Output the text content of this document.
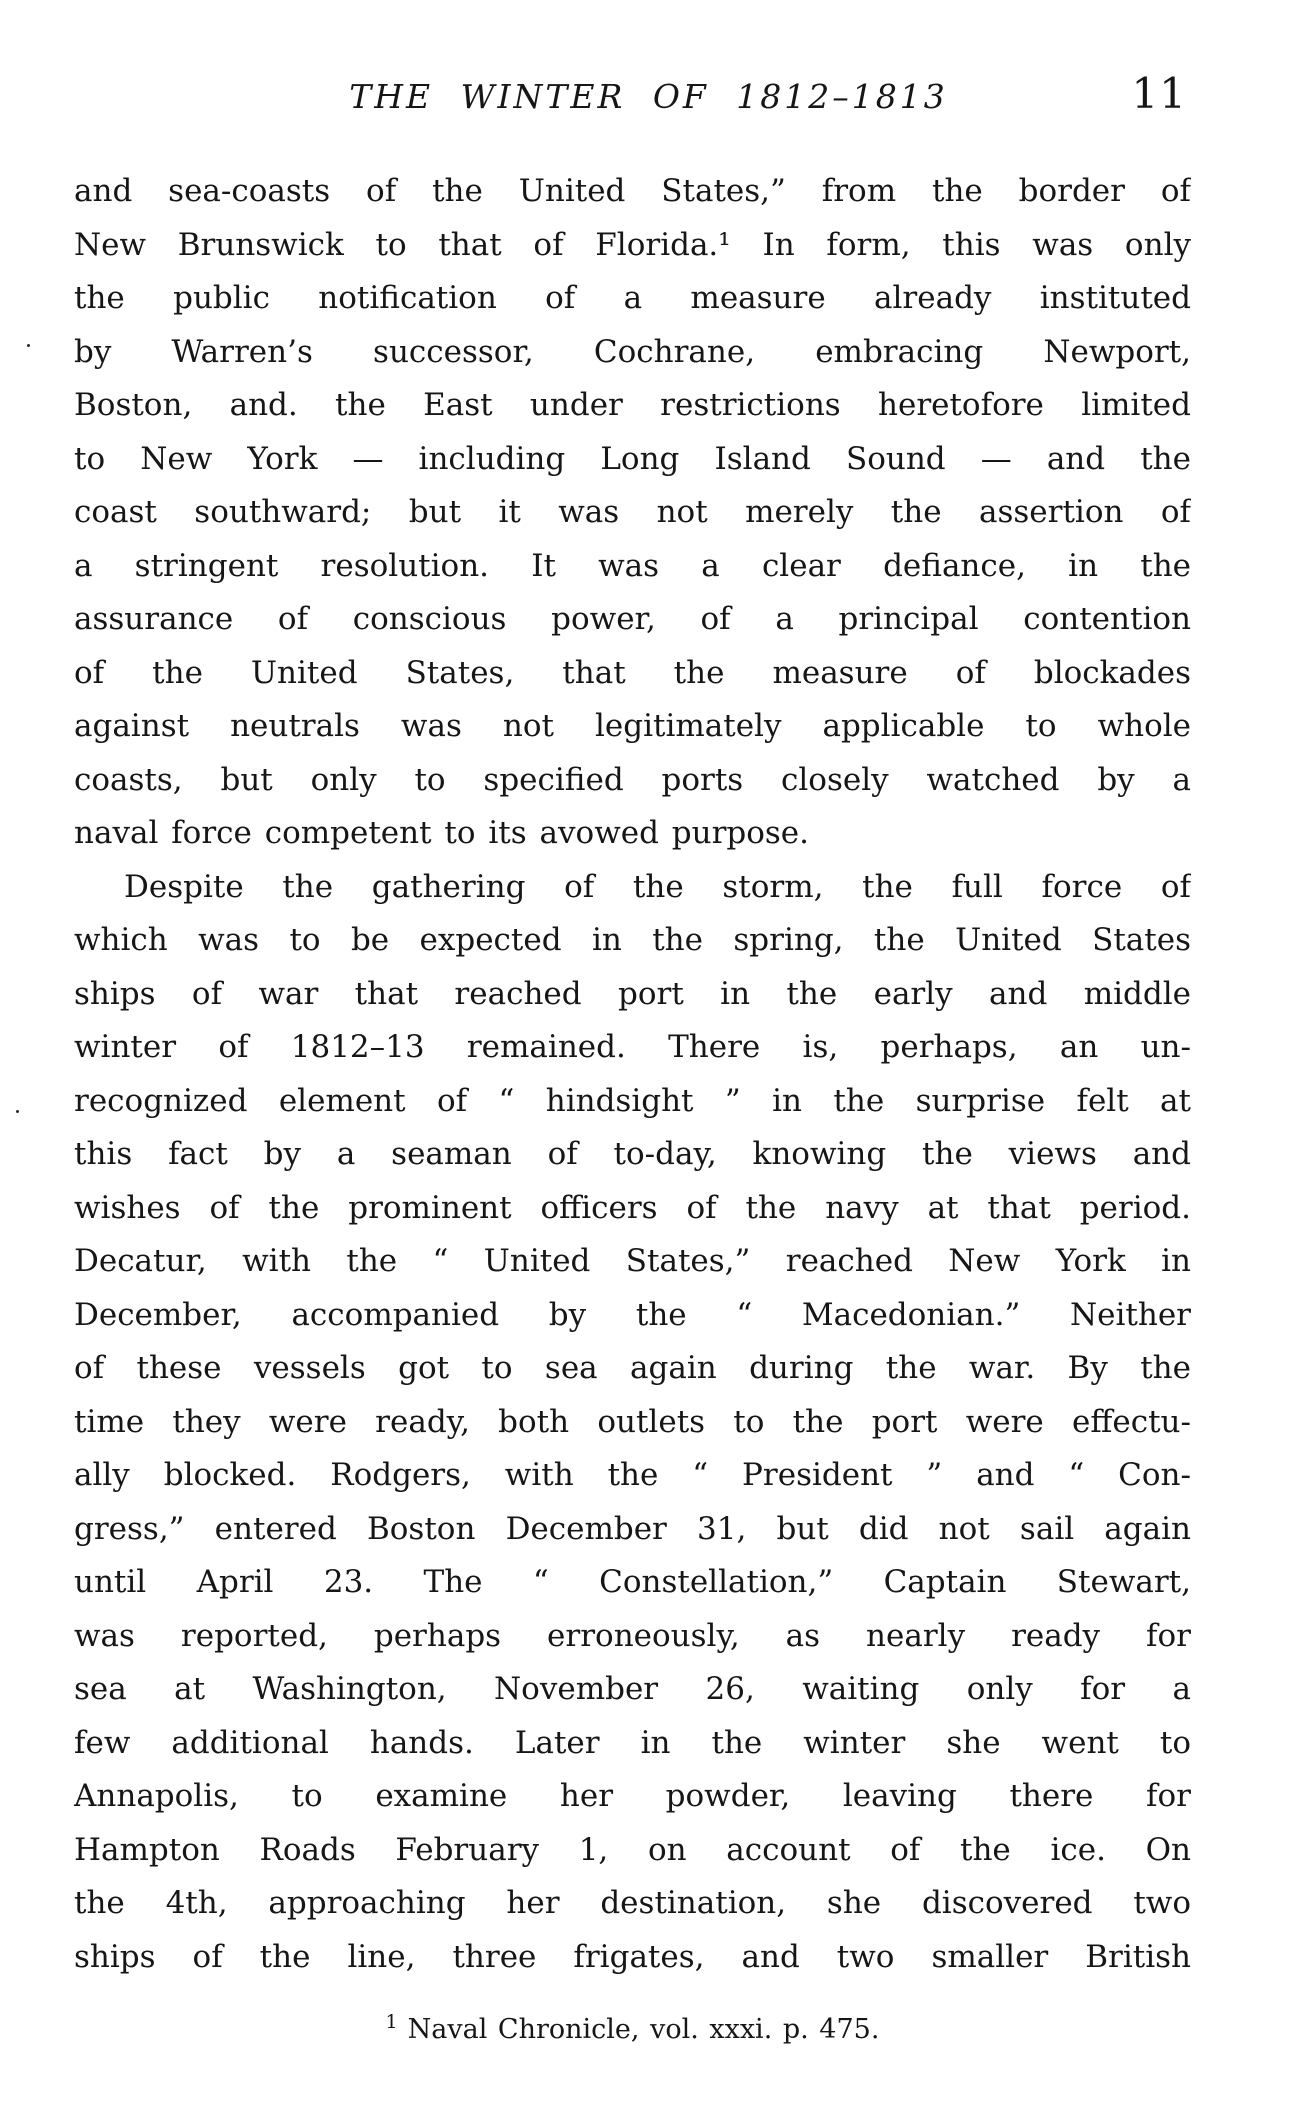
THE WINTER OF 1812–1813	11
and sea-coasts of the United States,” from the border of
New Brunswick to that of Florida.¹ In form, this was only
the public notification of a measure already instituted
by Warren’s successor, Cochrane, embracing Newport,
Boston, and. the East under restrictions heretofore limited
to New York — including Long Island Sound — and the
coast southward; but it was not merely the assertion of
a stringent resolution. It was a clear defiance, in the
assurance of conscious power, of a principal contention
of the United States, that the measure of blockades
against neutrals was not legitimately applicable to whole
coasts, but only to specified ports closely watched by a
naval force competent to its avowed purpose.
Despite the gathering of the storm, the full force of
which was to be expected in the spring, the United States
ships of war that reached port in the early and middle
winter of 1812–13 remained. There is, perhaps, an un-
recognized element of “ hindsight ” in the surprise felt at
this fact by a seaman of to-day, knowing the views and
wishes of the prominent officers of the navy at that period.
Decatur, with the “ United States,” reached New York in
December, accompanied by the “ Macedonian.” Neither
of these vessels got to sea again during the war. By the
time they were ready, both outlets to the port were effectu-
ally blocked. Rodgers, with the “ President ” and “ Con-
gress,” entered Boston December 31, but did not sail again
until April 23. The “ Constellation,” Captain Stewart,
was reported, perhaps erroneously, as nearly ready for
sea at Washington, November 26, waiting only for a
few additional hands. Later in the winter she went to
Annapolis, to examine her powder, leaving there for
Hampton Roads February 1, on account of the ice. On
the 4th, approaching her destination, she discovered two
ships of the line, three frigates, and two smaller British
$^1$ Naval Chronicle, vol. xxxi. p. 475.
